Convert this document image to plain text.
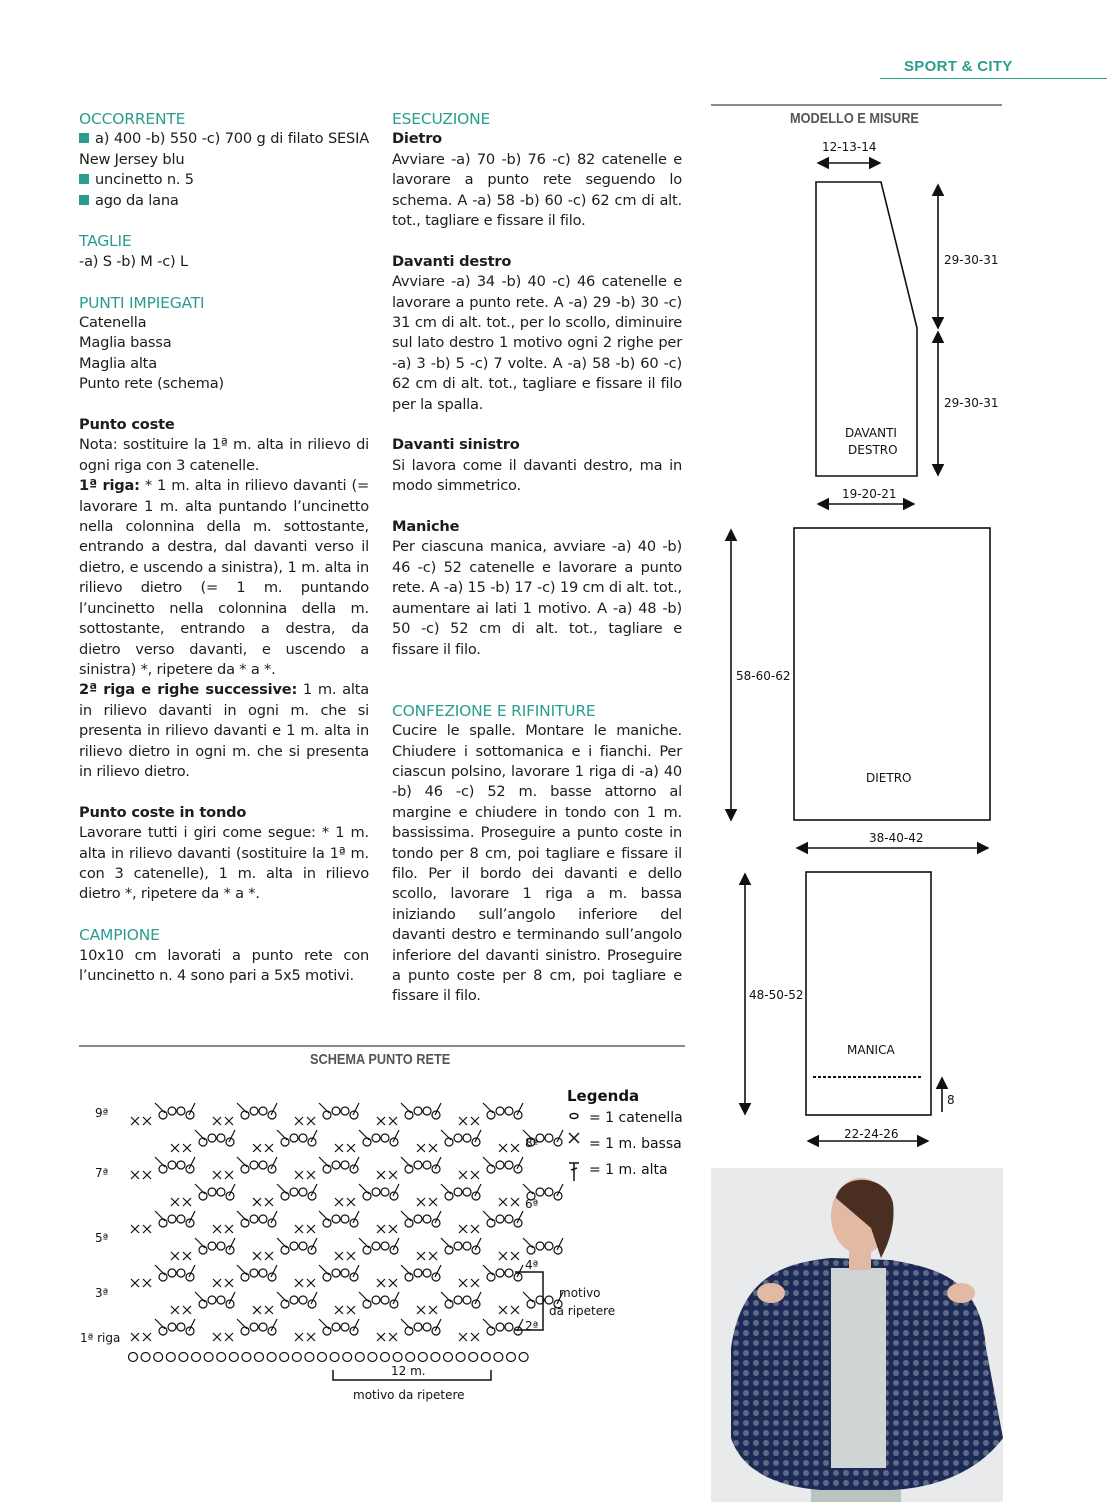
SPORT & CITY

OCCORRENTE

a) 400 -b) 550 -c) 700 g di filato SESIA New Jersey blu

uncinetto n. 5

ago da lana

TAGLIE

-a) S -b) M -c) L

PUNTI IMPIEGATI

Catenella

Maglia bassa

Maglia alta

Punto rete (schema)

Punto coste

Nota: sostituire la 1ª m. alta in rilievo di ogni riga con 3 catenelle.

1ª riga: * 1 m. alta in rilievo davanti (= lavorare 1 m. alta puntando l’uncinetto nella colonnina della m. sottostante, entrando a destra, dal davanti verso il dietro, e uscendo a sinistra), 1 m. alta in rilievo dietro (= 1 m. puntando l’uncinetto nella colonnina della m. sottostante, entrando a destra, da dietro verso davanti, e uscendo a sinistra) *, ripetere da * a *.

2ª riga e righe successive: 1 m. alta in rilievo davanti in ogni m. che si presenta in rilievo davanti e 1 m. alta in rilievo dietro in ogni m. che si presenta in rilievo dietro.

Punto coste in tondo

Lavorare tutti i giri come segue: * 1 m. alta in rilievo davanti (sostituire la 1ª m. con 3 catenelle), 1 m. alta in rilievo dietro *, ripetere da * a *.

CAMPIONE

10x10 cm lavorati a punto rete con l’uncinetto n. 4 sono pari a 5x5 motivi.

ESECUZIONE

Dietro

Avviare -a) 70 -b) 76 -c) 82 catenelle e lavorare a punto rete seguendo lo schema. A -a) 58 -b) 60 -c) 62 cm di alt. tot., tagliare e fissare il filo.

Davanti destro

Avviare -a) 34 -b) 40 -c) 46 catenelle e lavorare a punto rete. A -a) 29 -b) 30 -c) 31 cm di alt. tot., per lo scollo, diminuire sul lato destro 1 motivo ogni 2 righe per -a) 3 -b) 5 -c) 7 volte. A -a) 58 -b) 60 -c) 62 cm di alt. tot., tagliare e fissare il filo per la spalla.

Davanti sinistro

Si lavora come il davanti destro, ma in modo simmetrico.

Maniche

Per ciascuna manica, avviare -a) 40 -b) 46 -c) 52 catenelle e lavorare a punto rete. A -a) 15 -b) 17 -c) 19 cm di alt. tot., aumentare ai lati 1 motivo. A -a) 48 -b) 50 -c) 52 cm di alt. tot., tagliare e fissare il filo.

CONFEZIONE E RIFINITURE

Cucire le spalle. Montare le maniche. Chiudere i sottomanica e i fianchi. Per ciascun polsino, lavorare 1 riga di -a) 40 -b) 46 -c) 52 m. basse attorno al margine e chiudere in tondo con 1 m. bassissima. Proseguire a punto coste in tondo per 8 cm, poi tagliare e fissare il filo. Per il bordo dei davanti e dello scollo, lavorare 1 riga a m. bassa iniziando sull’angolo inferiore del davanti destro e terminando sull’angolo inferiore del davanti sinistro. Proseguire a punto coste per 8 cm, poi tagliare e fissare il filo.

MODELLO E MISURE
12-13-14
29-30-31
29-30-31
DAVANTI
DESTRO
19-20-21
58-60-62
DIETRO
38-40-42
48-50-52
MANICA
8
22-24-26
SCHEMA PUNTO RETE
9ª
7ª
5ª
3ª
1ª riga
8ª
6ª
4ª
2ª
12 m.
motivo da ripetere
motivo
da ripetere
Legenda
= 1 catenella
= 1 m. bassa
= 1 m. alta
